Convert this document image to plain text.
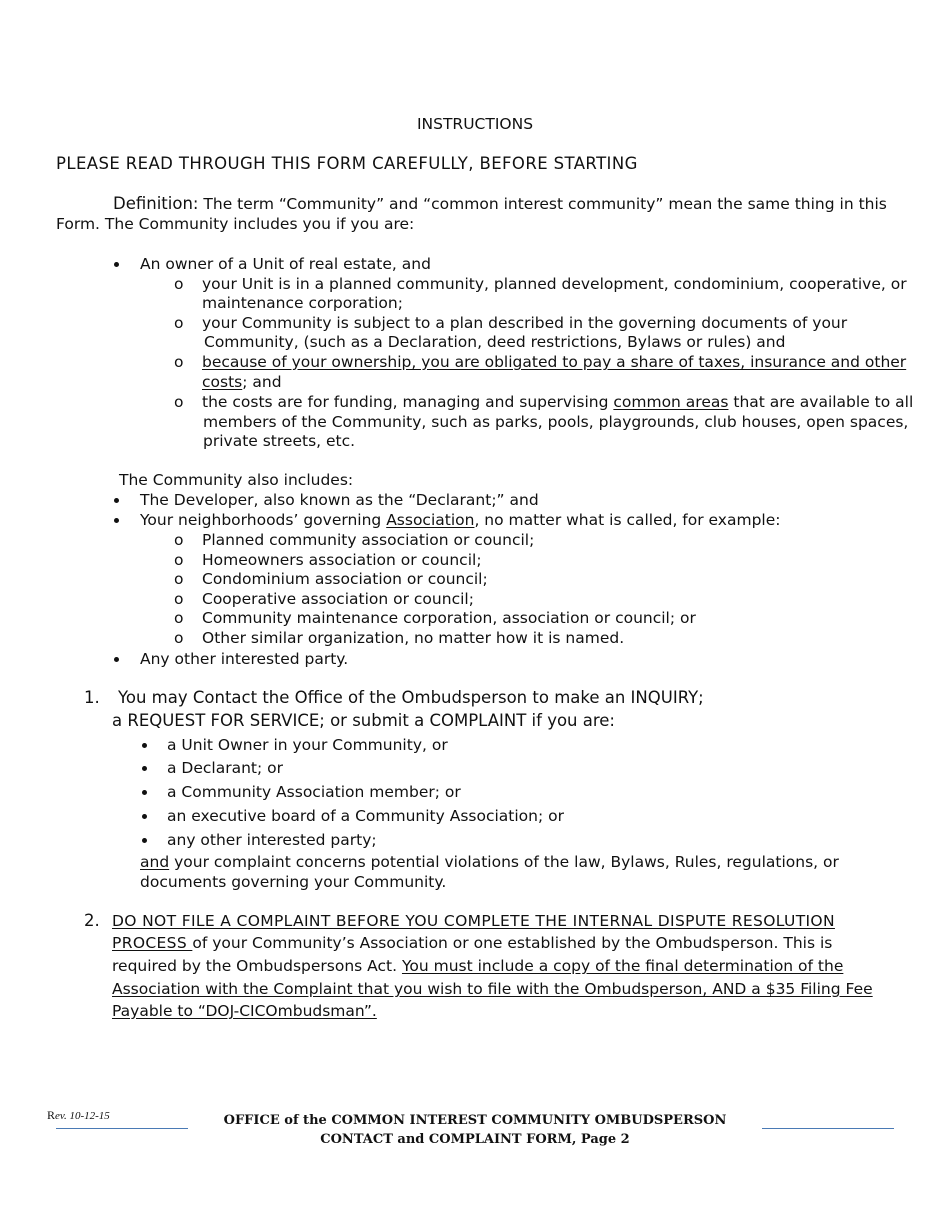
INSTRUCTIONS
PLEASE READ THROUGH THIS FORM CAREFULLY, BEFORE STARTING
Definition: The term “Community” and “common interest community” mean the same thing in this
Form. The Community includes you if you are:
An owner of a Unit of real estate, and
o your Unit is in a planned community, planned development, condominium, cooperative, or
maintenance corporation;
o your Community is subject to a plan described in the governing documents of your
Community, (such as a Declaration, deed restrictions, Bylaws or rules) and
o because of your ownership, you are obligated to pay a share of taxes, insurance and other
costs; and
o the costs are for funding, managing and supervising common areas that are available to all
members of the Community, such as parks, pools, playgrounds, club houses, open spaces,
private streets, etc.
The Community also includes:
The Developer, also known as the “Declarant;” and
Your neighborhoods’ governing Association, no matter what is called, for example:
o Planned community association or council;
o Homeowners association or council;
o Condominium association or council;
o Cooperative association or council;
o Community maintenance corporation, association or council; or
o Other similar organization, no matter how it is named.
Any other interested party.
1. You may Contact the Office of the Ombudsperson to make an INQUIRY;
a REQUEST FOR SERVICE; or submit a COMPLAINT if you are:
a Unit Owner in your Community, or
a Declarant; or
a Community Association member; or
an executive board of a Community Association; or
any other interested party;
and your complaint concerns potential violations of the law, Bylaws, Rules, regulations, or
documents governing your Community.
2. DO NOT FILE A COMPLAINT BEFORE YOU COMPLETE THE INTERNAL DISPUTE RESOLUTION
PROCESS of your Community’s Association or one established by the Ombudsperson. This is
required by the Ombudspersons Act. You must include a copy of the final determination of the
Association with the Complaint that you wish to file with the Ombudsperson, AND a $35 Filing Fee
Payable to “DOJ-CICOmbudsman”.
Rev. 10-12-15	OFFICE of the COMMON INTEREST COMMUNITY OMBUDSPERSON
CONTACT and COMPLAINT FORM, Page 2
